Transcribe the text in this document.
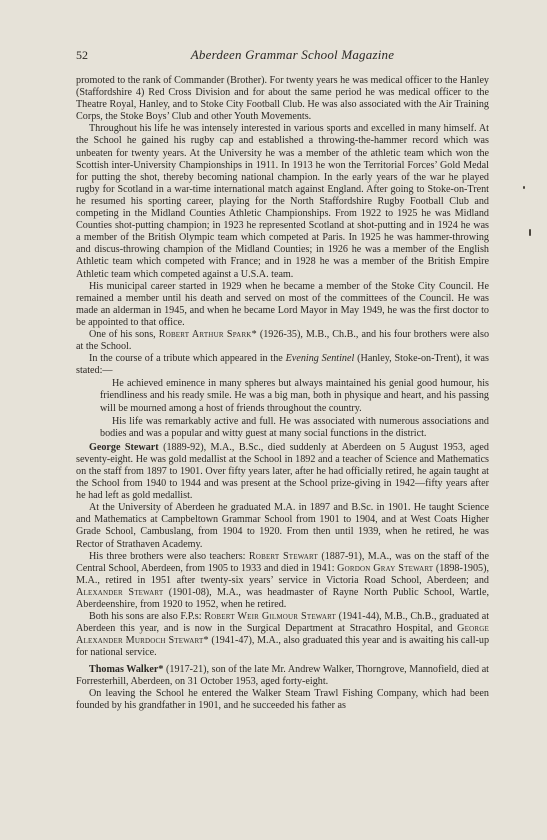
52	Aberdeen Grammar School Magazine

promoted to the rank of Commander (Brother). For twenty years he was medical officer to the Hanley (Staffordshire 4) Red Cross Division and for about the same period he was medical officer to the Theatre Royal, Hanley, and to Stoke City Football Club. He was also associated with the Air Training Corps, the Stoke Boys’ Club and other Youth Movements.

Throughout his life he was intensely interested in various sports and excelled in many himself. At the School he gained his rugby cap and established a throwing-the-hammer record which was unbeaten for twenty years. At the University he was a member of the athletic team which won the Scottish inter-University Championships in 1911. In 1913 he won the Territorial Forces’ Gold Medal for putting the shot, thereby becoming national champion. In the early years of the war he played rugby for Scotland in a war-time international match against England. After going to Stoke-on-Trent he resumed his sporting career, playing for the North Staffordshire Rugby Football Club and competing in the Midland Counties Athletic Championships. From 1922 to 1925 he was Midland Counties shot-putting champion; in 1923 he represented Scotland at shot-putting and in 1924 he was a member of the British Olympic team which competed at Paris. In 1925 he was hammer-throwing and discus-throwing champion of the Midland Counties; in 1926 he was a member of the English Athletic team which competed with France; and in 1928 he was a member of the British Empire Athletic team which competed against a U.S.A. team.

His municipal career started in 1929 when he became a member of the Stoke City Council. He remained a member until his death and served on most of the committees of the Council. He was made an alderman in 1945, and when he became Lord Mayor in May 1949, he was the first doctor to be appointed to that office.

One of his sons, Robert Arthur Spark* (1926-35), M.B., Ch.B., and his four brothers were also at the School.

In the course of a tribute which appeared in the Evening Sentinel (Hanley, Stoke-on-Trent), it was stated:—

He achieved eminence in many spheres but always maintained his genial good humour, his friendliness and his ready smile. He was a big man, both in physique and heart, and his passing will be mourned among a host of friends throughout the country.

His life was remarkably active and full. He was associated with numerous associations and bodies and was a popular and witty guest at many social functions in the district.

George Stewart (1889-92), M.A., B.Sc., died suddenly at Aberdeen on 5 August 1953, aged seventy-eight. He was gold medallist at the School in 1892 and a teacher of Science and Mathematics on the staff from 1897 to 1901. Over fifty years later, after he had officially retired, he again taught at the School from 1940 to 1944 and was present at the School prize-giving in 1942—fifty years after he had left as gold medallist.

At the University of Aberdeen he graduated M.A. in 1897 and B.Sc. in 1901. He taught Science and Mathematics at Campbeltown Grammar School from 1901 to 1904, and at West Coats Higher Grade School, Cambuslang, from 1904 to 1920. From then until 1939, when he retired, he was Rector of Strathaven Academy.

His three brothers were also teachers: Robert Stewart (1887-91), M.A., was on the staff of the Central School, Aberdeen, from 1905 to 1933 and died in 1941: Gordon Gray Stewart (1898-1905), M.A., retired in 1951 after twenty-six years’ service in Victoria Road School, Aberdeen; and Alexander Stewart (1901-08), M.A., was headmaster of Rayne North Public School, Wartle, Aberdeenshire, from 1920 to 1952, when he retired.

Both his sons are also F.P.s: Robert Weir Gilmour Stewart (1941-44), M.B., Ch.B., graduated at Aberdeen this year, and is now in the Surgical Department at Stracathro Hospital, and George Alexander Murdoch Stewart* (1941-47), M.A., also graduated this year and is awaiting his call-up for national service.

Thomas Walker* (1917-21), son of the late Mr. Andrew Walker, Thorngrove, Mannofield, died at Forresterhill, Aberdeen, on 31 October 1953, aged forty-eight.

On leaving the School he entered the Walker Steam Trawl Fishing Company, which had been founded by his grandfather in 1901, and he succeeded his father as
